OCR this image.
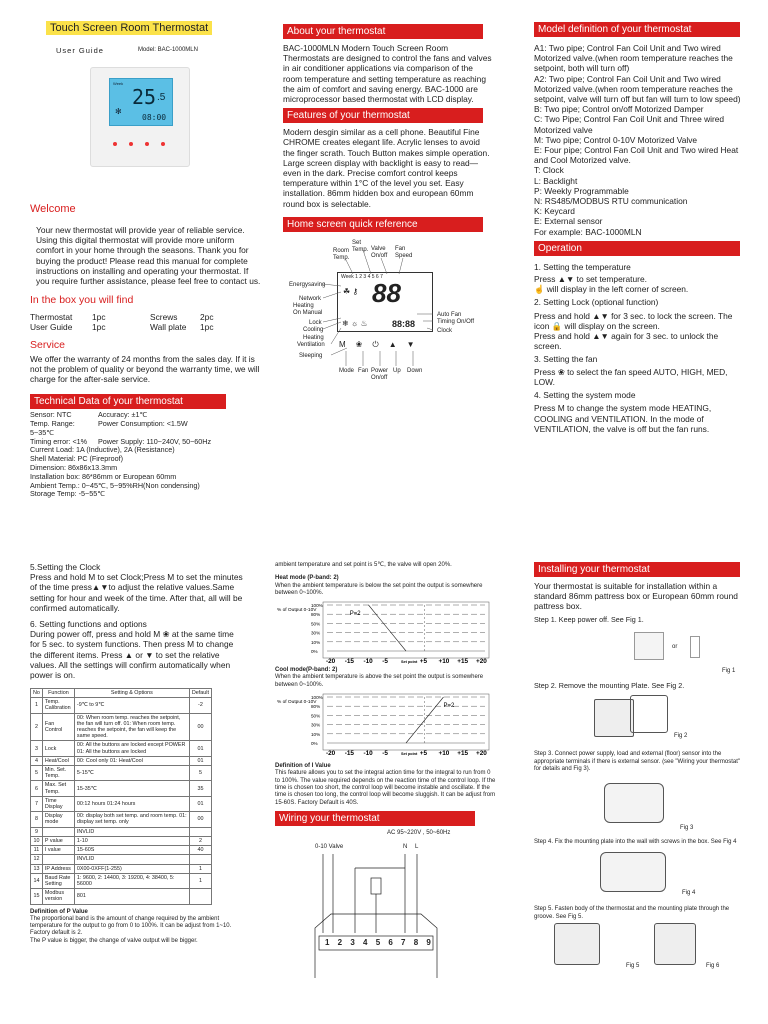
Touch Screen Room Thermostat
User Guide	Model: BAC-1000MLN
Week
25 .5
08:00
✻
Welcome
Your new thermostat will provide year of reliable service. Using this digital thermostat will provide more uniform comfort in your home through the seasons. Thank you for buying the product! Please read this manual for complete instructions on installing and operating your thermostat. If you require further assistance, please feel free to contact us.
In the box you will find
Thermostat	1pc	Screws	2pc
User Guide	1pc	Wall plate	1pc
Service
We offer the warranty of 24 months from the sales day. If it is not the problem of quality or beyond the warranty time, we will charge for the after-sale service.
Technical Data of your thermostat
Sensor: NTC	Accuracy: ±1℃
Temp. Range: 5~35℃
Power Consumption: <1.5W
Timing error: <1%	Power Supply: 110~240V, 50~60Hz
Current Load: 1A (Inductive), 2A (Resistance)
Shell Material: PC (Fireproof)
Dimension: 86x86x13.3mm
Installation box: 86*86mm or European 60mm
Ambient Temp.: 0~45℃, 5~95%RH(Non condensing)
Storage Temp: -5~55℃
About your thermostat
BAC-1000MLN Modern Touch Screen Room Thermostats are designed to control the fans and valves in air conditioner applications via comparison of the room temperature and setting temperature as reaching the aim of comfort and saving energy. BAC-1000 are microprocessor based thermostat with LCD display.
Features of your thermostat
Modern desgin similar as a cell phone. Beautiful Fine CHROME creates elegant life. Acrylic lenses to avoid the finger scrath. Touch Button makes simple operation. Large screen display with backlight is easy to read—even in the dark. Precise comfort control keeps temperature within 1°C of the level you set. Easy installation. 86mm hidden box and european 60mm round box is selectable.
Home screen quick reference
Room Temp.
Set Temp. Valve On/off
Fan Speed
Energysaving
Network
Heating On Manual
Lock
Cooling
Heating
Ventilation
Sleeping
Auto Fan
Timing On/Off
Clock
Week 1 2 3 4 5 6 7
88
88:88
❄ ☼ ♨
☘ ⚷
M ❀ ⏻ ▲ ▼
Mode Fan Power On/off
Up Down
Model definition of your thermostat
A1: Two pipe; Control Fan Coil Unit and Two wired Motorized valve.(when room temperature reaches the setpoint, both will turn off)
A2: Two pipe; Control Fan Coil Unit and Two wired Motorized valve.(when room temperature reaches the setpoint, valve will turn off but fan will turn to low speed)
B: Two pipe; Control on/off Motorized Damper
C: Two Pipe; Control Fan Coil Unit and Three wired Motorized valve
M: Two pipe; Control 0-10V Motorized Valve
E: Four pipe; Control Fan Coil Unit and Two wired Heat and Cool Motorized valve.
T: Clock
L: Backlight
P: Weekly Programmable
N: RS485/MODBUS RTU communication
K: Keycard
E: External sensor
For example: BAC-1000MLN
Operation
1. Setting the temperature
Press ▲▼ to set temperature.
☝ will display in the left corner of screen.
2. Setting Lock (optional function)
Press and hold ▲▼ for 3 sec. to lock the screen. The icon 🔒 will display on the screen.
Press and hold ▲▼ again for 3 sec. to unlock the screen.
3. Setting the fan
Press ❀ to select the fan speed AUTO, HIGH, MED, LOW.
4. Setting the system mode
Press M to change the system mode HEATING, COOLING and VENTILATION. In the mode of VENTILATION, the valve is off but the fan runs.
5.Setting the Clock
Press and hold M to set Clock;Press M to set the minutes of the time press▲▼to adjust the relative values.Same setting for hour and week of the time. After that, all will be confirmed automatically.
6. Setting functions and options
During power off, press and hold M ❀ at the same time for 5 sec. to system functions. Then press M to change the different items. Press ▲ or ▼ to set the relative values. All the settings will confirm automatically when power is on.
No	Function	Setting & Options	Default
1	Temp. Calibration	-9℃ to 9℃	-2
2	Fan Control	00: When room temp. reaches the setpoint, the fan will turn off. 01: When room temp. reaches the setpoint, the fan will keep the same speed.	00
3	Lock	00: All the buttons are locked except POWER 01: All the buttons are locked	01
4	Heat/Cool	00: Cool only 01: Heat/Cool	01
5	Min. Set. Temp.	5-15℃	5
6	Max. Set Temp.	15-35℃	35
7	Time Display	00:12 hours 01:24 hours	01
8	Display mode	00: display both set temp. and room temp. 01: display set temp. only	00
9		INVLID	
10	P value	1-10	2
11	I value	15-60S	40
12		INVLID	
13	IP Address	0X00-0XFF(1-255)	1
14	Baud Rate Setting	1: 9600, 2: 14400, 3: 19200, 4: 38400, 5: 56000	1
15	Modbus version	801	
Definition of P Value
The proportional band is the amount of change required by the ambient temperature for the output to go from 0 to 100%. It can be adjust from 1~10. Factory default is 2.
The P value is bigger, the change of valve output will be bigger.
ambient temperature and set point is 5℃, the valve will open 20%.
Heat mode (P-band: 2)
When the ambient temperature is below the set point the output is somewhere between 0~100%.
% of Output 0-10V
100%
80%
50%
30%
10%
0%
-20 -15 -10 -5	Set point +5 +10 +15 +20
P=2
Cool mode(P-band: 2)
When the ambient temperature is above the set point the output is somewhere between 0~100%.
% of Output 0-10V
100%
80%
50%
30%
10%
0%
-20 -15 -10 -5	Set point +5 +10 +15 +20
P=2
Definition of I Value
This feature allows you to set the integral action time for the integral to run from 0 to 100%. The value required depends on the reaction time of the control loop. If the time is chosen too short, the control loop will become instable and oscillate. If the time is chosen too long, the control loop will become sluggish. It can be adjust from 15-60S. Factory Default is 40S.
Wiring your thermostat
AC 95~220V , 50~60Hz
0-10 Valve	N L
1 2 3 4 5 6 7 8 9
Installing your thermostat
Your thermostat is suitable for installation within a standard 86mm pattress box or European 60mm round pattress box.
Step 1. Keep power off. See Fig 1.
or
Fig 1
Step 2. Remove the mounting Plate. See Fig 2.
Fig 2
Step 3. Connect power supply, load and external (floor) sensor into the appropriate terminals if there is external sensor. (see "Wiring your thermostat" for details and Fig 3).
Fig 3
Step 4. Fix the mounting plate into the wall with screws in the box. See Fig 4
Fig 4
Step 5. Fasten body of the thermostat and the mounting plate through the groove. See Fig 5.
Fig 5	Fig 6
